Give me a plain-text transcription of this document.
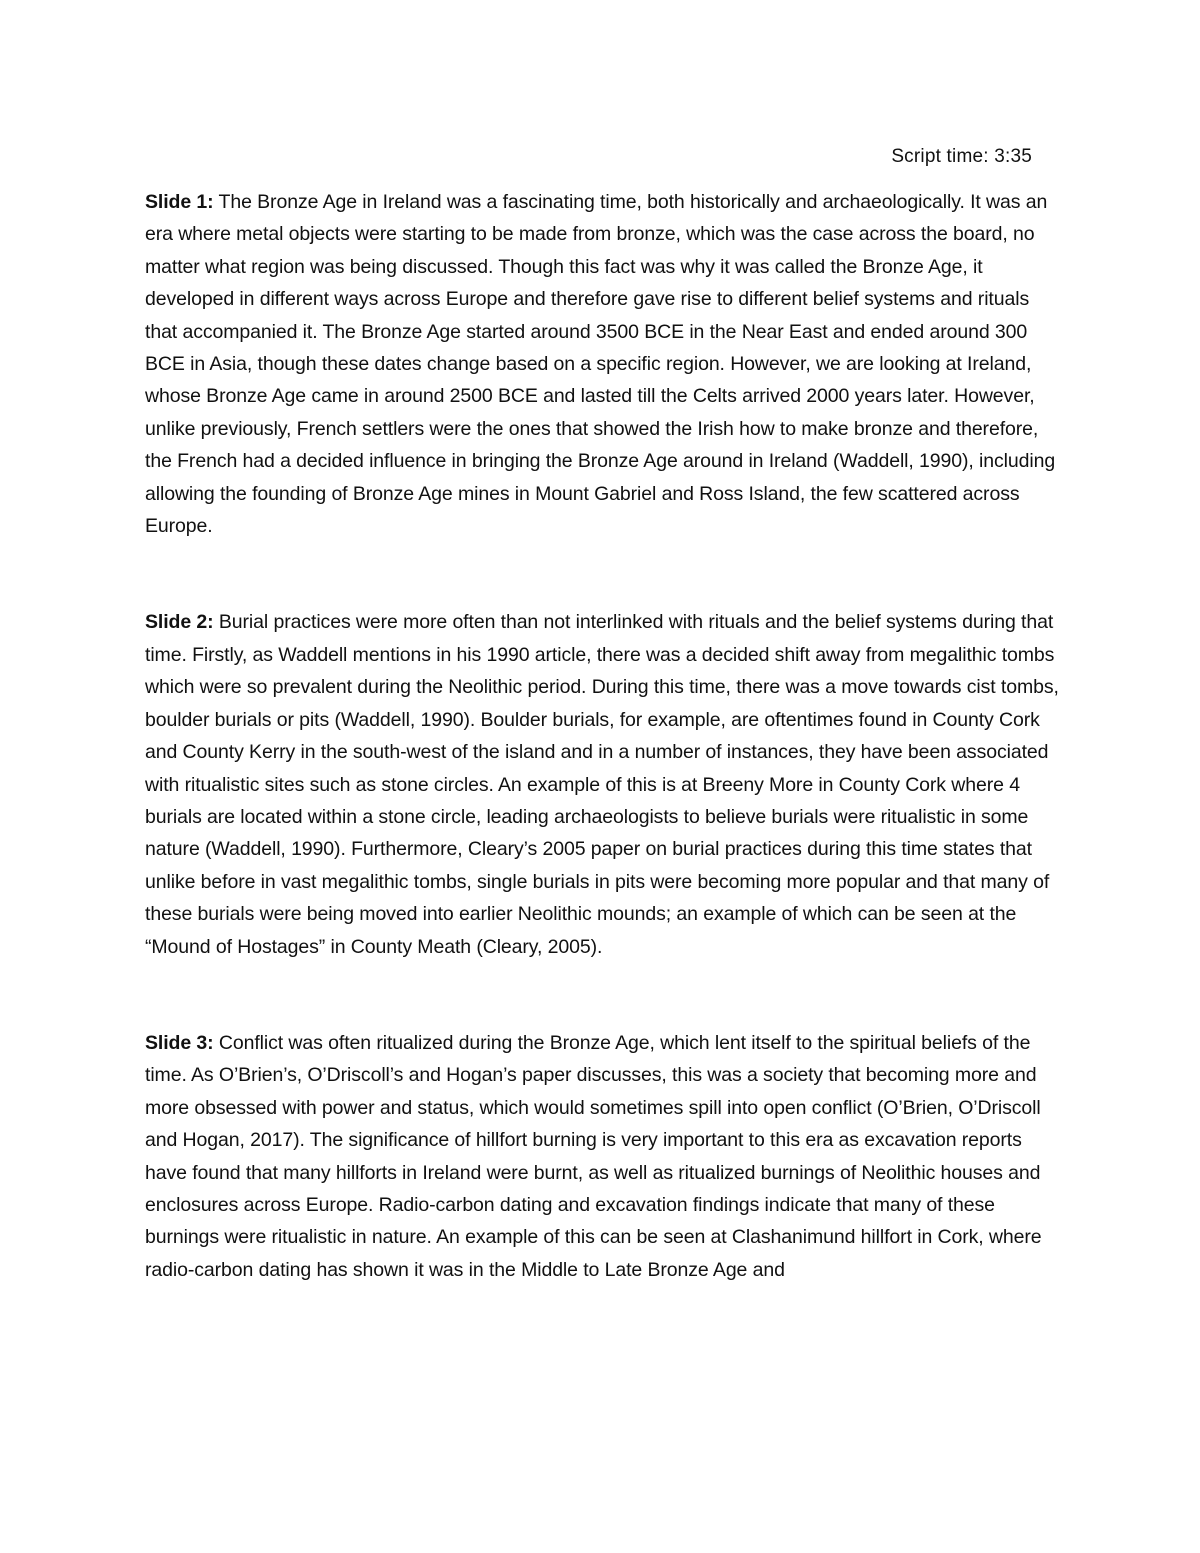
Script time: 3:35

Slide 1: The Bronze Age in Ireland was a fascinating time, both historically and archaeologically. It was an era where metal objects were starting to be made from bronze, which was the case across the board, no matter what region was being discussed. Though this fact was why it was called the Bronze Age, it developed in different ways across Europe and therefore gave rise to different belief systems and rituals that accompanied it. The Bronze Age started around 3500 BCE in the Near East and ended around 300 BCE in Asia, though these dates change based on a specific region. However, we are looking at Ireland, whose Bronze Age came in around 2500 BCE and lasted till the Celts arrived 2000 years later. However, unlike previously, French settlers were the ones that showed the Irish how to make bronze and therefore, the French had a decided influence in bringing the Bronze Age around in Ireland (Waddell, 1990), including allowing the founding of Bronze Age mines in Mount Gabriel and Ross Island, the few scattered across Europe.

Slide 2: Burial practices were more often than not interlinked with rituals and the belief systems during that time. Firstly, as Waddell mentions in his 1990 article, there was a decided shift away from megalithic tombs which were so prevalent during the Neolithic period. During this time, there was a move towards cist tombs, boulder burials or pits (Waddell, 1990). Boulder burials, for example, are oftentimes found in County Cork and County Kerry in the south-west of the island and in a number of instances, they have been associated with ritualistic sites such as stone circles. An example of this is at Breeny More in County Cork where 4 burials are located within a stone circle, leading archaeologists to believe burials were ritualistic in some nature (Waddell, 1990). Furthermore, Cleary’s 2005 paper on burial practices during this time states that unlike before in vast megalithic tombs, single burials in pits were becoming more popular and that many of these burials were being moved into earlier Neolithic mounds; an example of which can be seen at the “Mound of Hostages” in County Meath (Cleary, 2005).

Slide 3: Conflict was often ritualized during the Bronze Age, which lent itself to the spiritual beliefs of the time. As O’Brien’s, O’Driscoll’s and Hogan’s paper discusses, this was a society that becoming more and more obsessed with power and status, which would sometimes spill into open conflict (O’Brien, O’Driscoll and Hogan, 2017). The significance of hillfort burning is very important to this era as excavation reports have found that many hillforts in Ireland were burnt, as well as ritualized burnings of Neolithic houses and enclosures across Europe. Radio-carbon dating and excavation findings indicate that many of these burnings were ritualistic in nature. An example of this can be seen at Clashanimund hillfort in Cork, where radio-carbon dating has shown it was in the Middle to Late Bronze Age and
